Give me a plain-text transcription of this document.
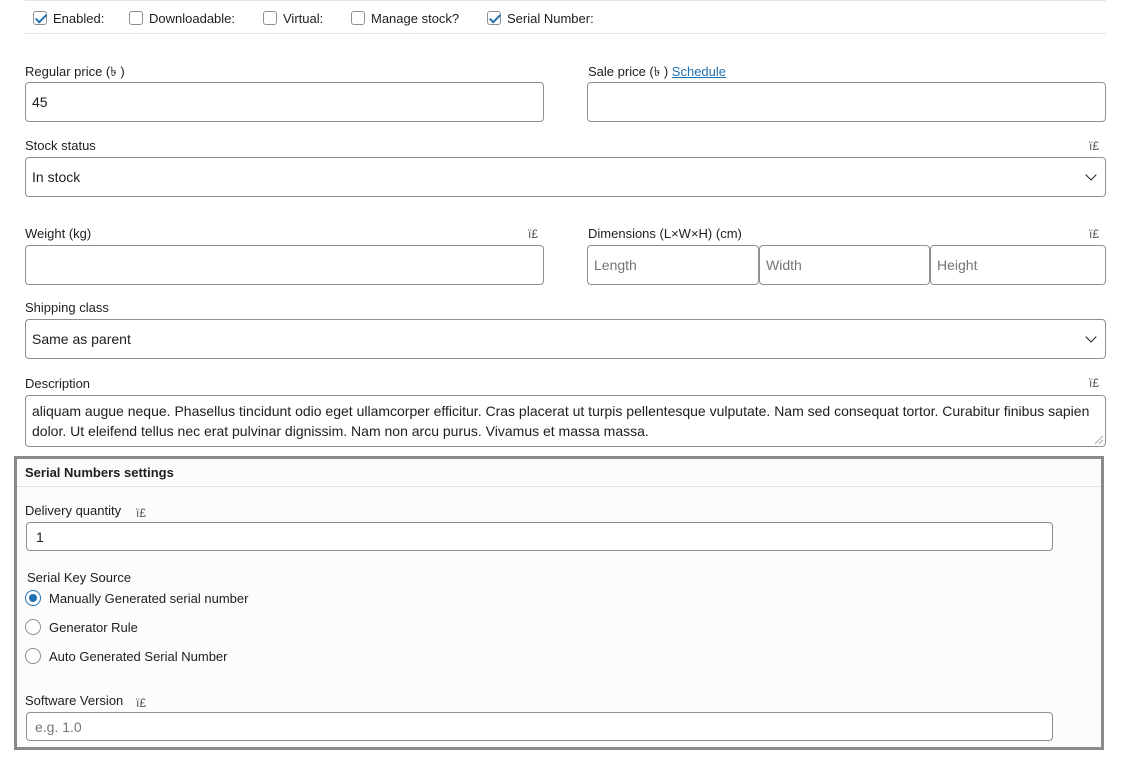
Enabled:	Downloadable:	Virtual:	Manage stock?	Serial Number:
Regular price (৳ )
45
Sale price (৳ ) Schedule
Stock status	ï£
In stock
Weight (kg)	ï£	Dimensions (L×W×H) (cm)	ï£
Length	Width	Height
Shipping class
Same as parent
Description	ï£
aliquam augue neque. Phasellus tincidunt odio eget ullamcorper efficitur. Cras placerat ut turpis pellentesque vulputate. Nam sed consequat tortor. Curabitur finibus sapien dolor. Ut eleifend tellus nec erat pulvinar dignissim. Nam non arcu purus. Vivamus et massa massa.
Serial Numbers settings
Delivery quantity ï£
1
Serial Key Source
Manually Generated serial number
Generator Rule
Auto Generated Serial Number
Software Version ï£
e.g. 1.0
